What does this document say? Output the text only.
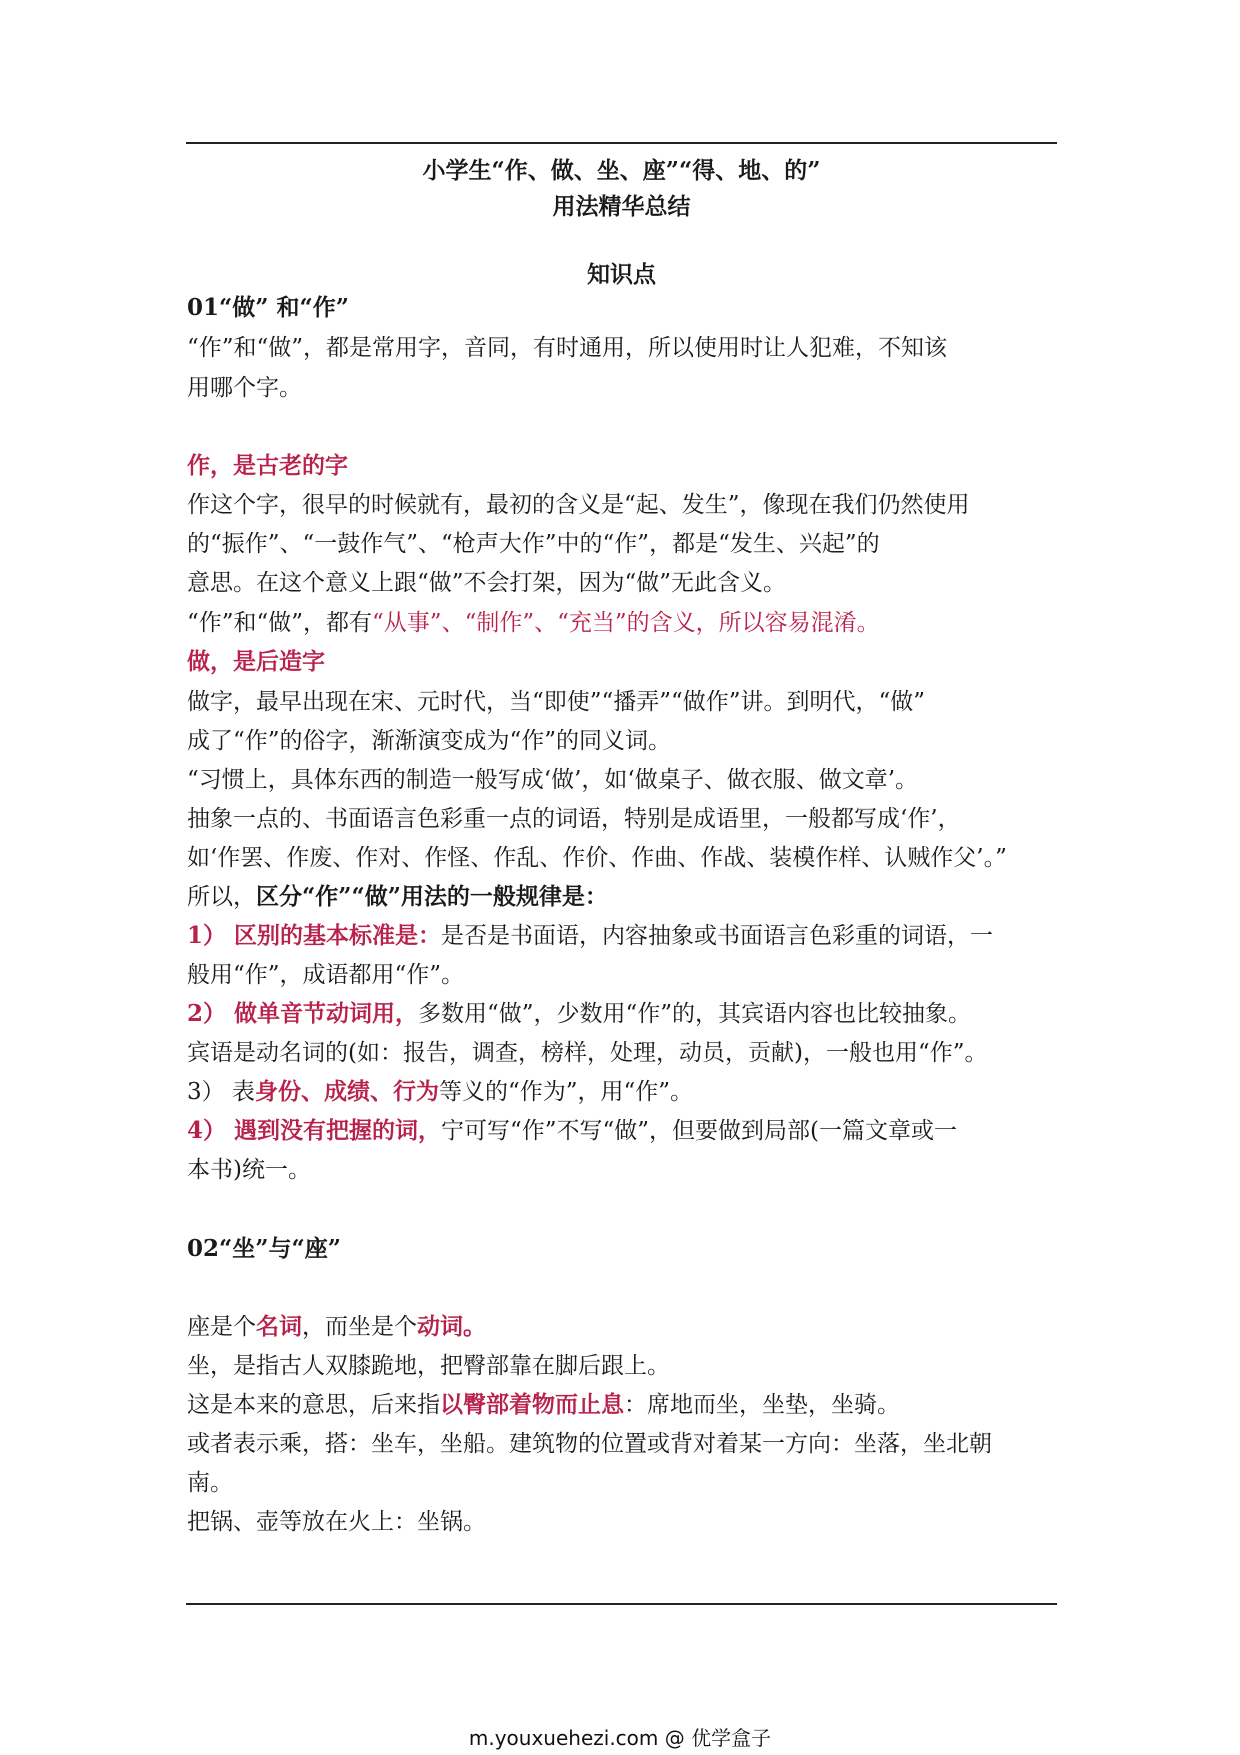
小学生“作、做、坐、座”“得、地、的”
用法精华总结
知识点
01“做” 和“作”
“作”和“做”，都是常用字，音同，有时通用，所以使用时让人犯难，不知该
用哪个字。
作，是古老的字
作这个字，很早的时候就有，最初的含义是“起、发生”，像现在我们仍然使用
的“振作”、“一鼓作气”、“枪声大作”中的“作”，都是“发生、兴起”的
意思。在这个意义上跟“做”不会打架，因为“做”无此含义。
“作”和“做”，都有“从事”、“制作”、“充当”的含义，所以容易混淆。
做，是后造字
做字，最早出现在宋、元时代，当“即使”“播弄”“做作”讲。到明代，“做”
成了“作”的俗字，渐渐演变成为“作”的同义词。
“习惯上，具体东西的制造一般写成‘做’，如‘做桌子、做衣服、做文章’。
抽象一点的、书面语言色彩重一点的词语，特别是成语里，一般都写成‘作’，
如‘作罢、作废、作对、作怪、作乱、作价、作曲、作战、装模作样、认贼作父’。”
所以，区分“作”“做”用法的一般规律是：
1） 区别的基本标准是：是否是书面语，内容抽象或书面语言色彩重的词语，一
般用“作”，成语都用“作”。
2） 做单音节动词用，多数用“做”，少数用“作”的，其宾语内容也比较抽象。
宾语是动名词的(如：报告，调查，榜样，处理，动员，贡献)，一般也用“作”。
3） 表身份、成绩、行为等义的“作为”，用“作”。
4） 遇到没有把握的词，宁可写“作”不写“做”，但要做到局部(一篇文章或一
本书)统一。
02“坐”与“座”
座是个名词，而坐是个动词。
坐，是指古人双膝跪地，把臀部靠在脚后跟上。
这是本来的意思，后来指以臀部着物而止息：席地而坐，坐垫，坐骑。
或者表示乘，搭：坐车，坐船。建筑物的位置或背对着某一方向：坐落，坐北朝
南。
把锅、壶等放在火上：坐锅。
m.youxuehezi.com @ 优学盒子
